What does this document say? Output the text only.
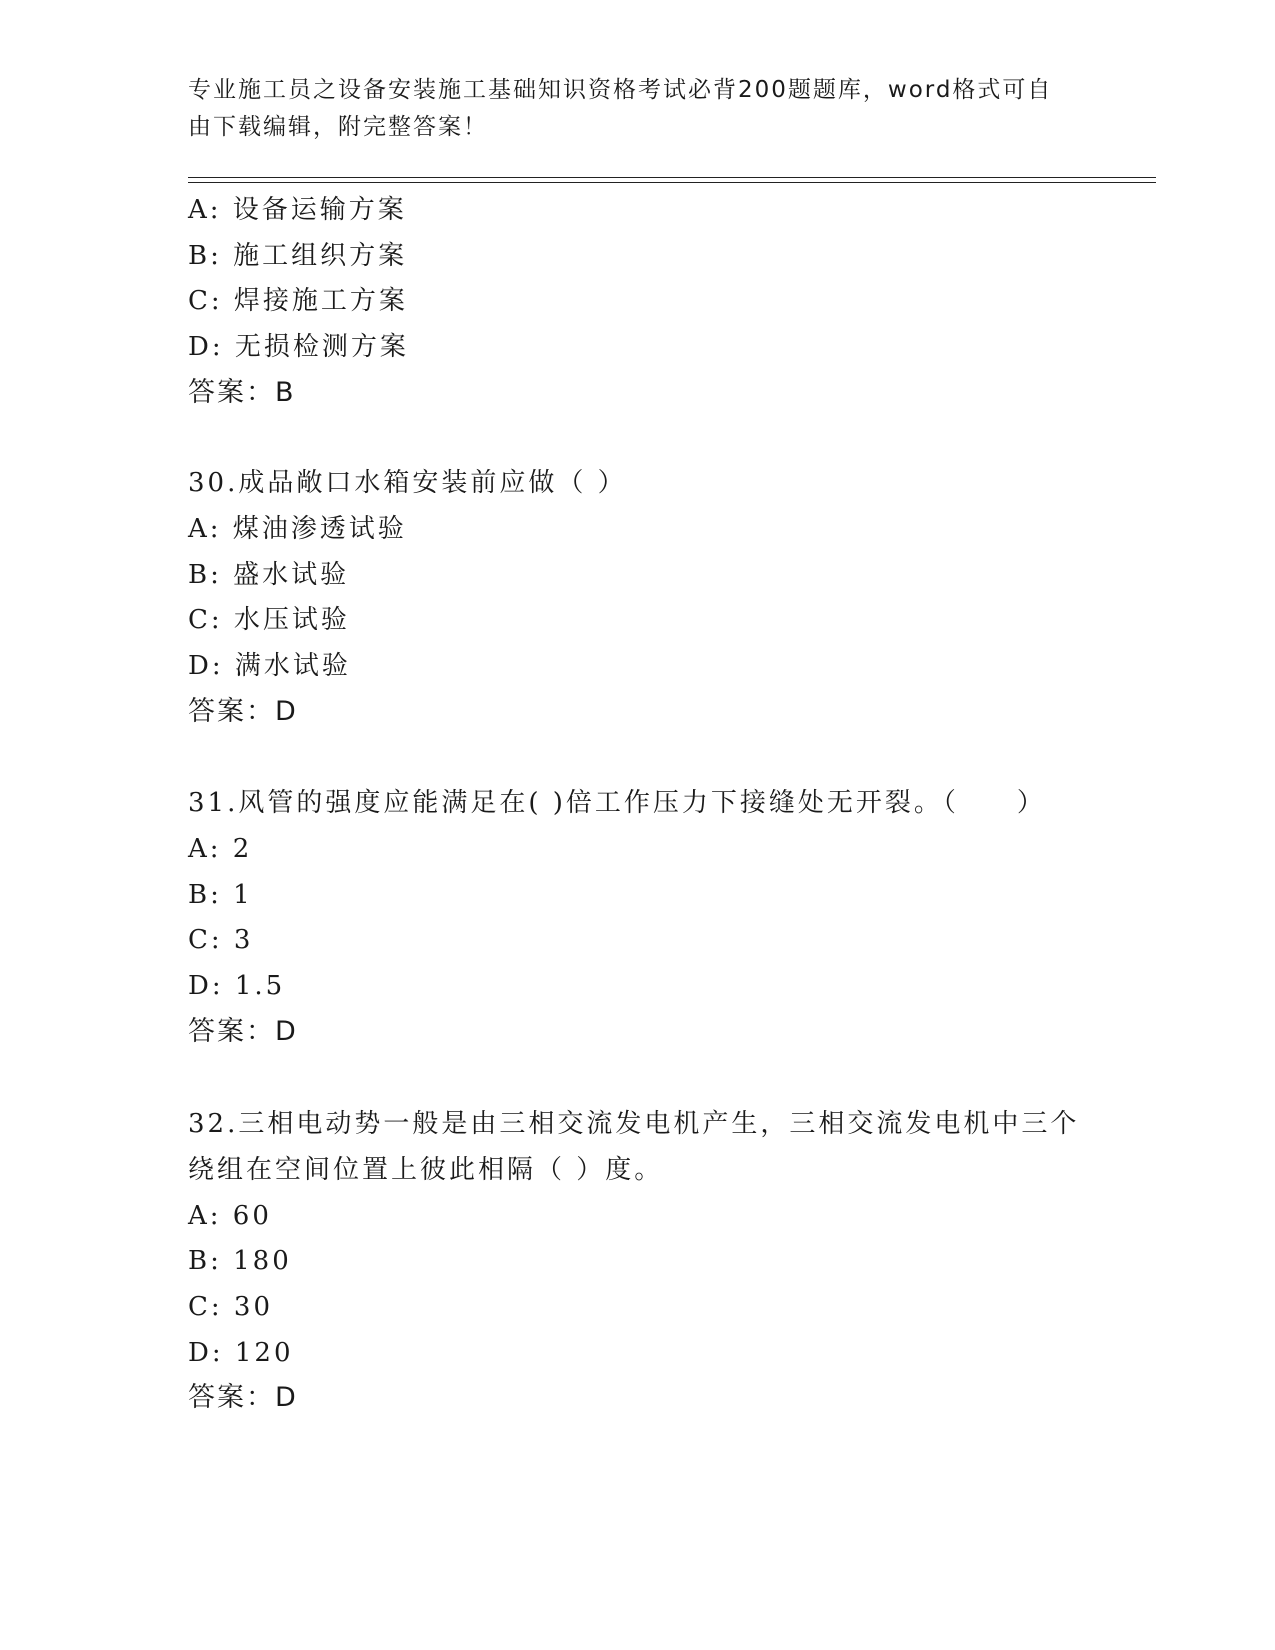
专业施工员之设备安装施工基础知识资格考试必背200题题库，word格式可自由下载编辑，附完整答案！
A: 设备运输方案
B: 施工组织方案
C: 焊接施工方案
D: 无损检测方案
答案：B
30.成品敞口水箱安装前应做（ ）
A: 煤油渗透试验
B: 盛水试验
C: 水压试验
D: 满水试验
答案：D
31.风管的强度应能满足在( )倍工作压力下接缝处无开裂。（　　）
A: 2
B: 1
C: 3
D: 1.5
答案：D
32.三相电动势一般是由三相交流发电机产生，三相交流发电机中三个
绕组在空间位置上彼此相隔（ ）度。
A: 60
B: 180
C: 30
D: 120
答案：D
